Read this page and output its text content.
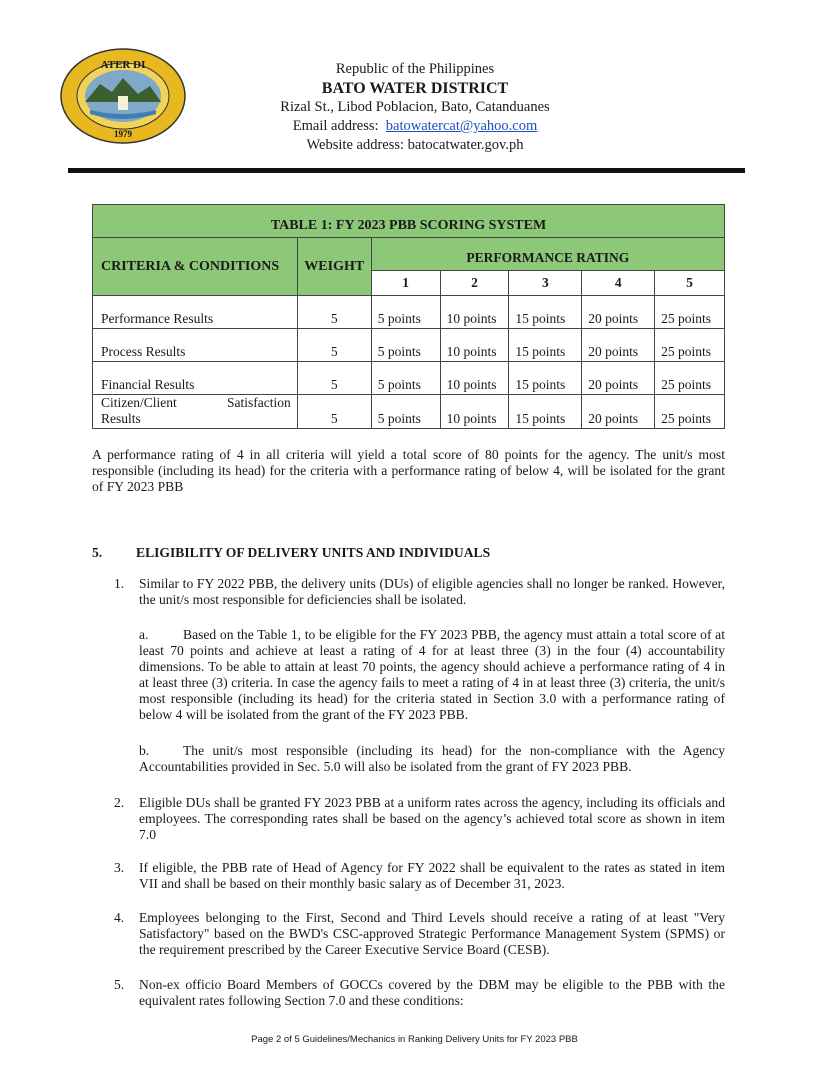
ATER DI
1979
Republic of the Philippines
BATO WATER DISTRICT
Rizal St., Libod Poblacion, Bato, Catanduanes
Email address: batowatercat@yahoo.com
Website address: batocatwater.gov.ph
TABLE 1: FY 2023 PBB SCORING SYSTEM						
CRITERIA & CONDITIONS	WEIGHT	PERFORMANCE RATING				
		1	2	3	4	5
Performance Results	5	5 points	10 points	15 points	20 points	25 points
Process Results	5	5 points	10 points	15 points	20 points	25 points
Financial Results	5	5 points	10 points	15 points	20 points	25 points

Citizen/Client Satisfaction
Results	5	5 points	10 points	15 points	20 points	25 points
A performance rating of 4 in all criteria will yield a total score of 80 points for the agency. The unit/s most responsible (including its head) for the criteria with a performance rating of below 4, will be isolated for the grant of FY 2023 PBB
5. ELIGIBILITY OF DELIVERY UNITS AND INDIVIDUALS
1. Similar to FY 2022 PBB, the delivery units (DUs) of eligible agencies shall no longer be ranked. However, the unit/s most responsible for deficiencies shall be isolated.
a.	Based on the Table 1, to be eligible for the FY 2023 PBB, the agency must attain a total score of at least 70 points and achieve at least a rating of 4 for at least three (3) in the four (4) accountability dimensions. To be able to attain at least 70 points, the agency should achieve a performance rating of 4 in at least three (3) criteria. In case the agency fails to meet a rating of 4 in at least three (3) criteria, the unit/s most responsible (including its head) for the criteria stated in Section 3.0 with a performance rating of below 4 will be isolated from the grant of the FY 2023 PBB.
b. The unit/s most responsible (including its head) for the non-compliance with the Agency Accountabilities provided in Sec. 5.0 will also be isolated from the grant of FY 2023 PBB.
2. Eligible DUs shall be granted FY 2023 PBB at a uniform rates across the agency, including its officials and employees. The corresponding rates shall be based on the agency’s achieved total score as shown in item 7.0
3. If eligible, the PBB rate of Head of Agency for FY 2022 shall be equivalent to the rates as stated in item VII and shall be based on their monthly basic salary as of December 31, 2023.
4. Employees belonging to the First, Second and Third Levels should receive a rating of at least "Very Satisfactory" based on the BWD's CSC-approved Strategic Performance Management System (SPMS) or the requirement prescribed by the Career Executive Service Board (CESB).
5. Non-ex officio Board Members of GOCCs covered by the DBM may be eligible to the PBB with the equivalent rates following Section 7.0 and these conditions:
Page 2 of 5 Guidelines/Mechanics in Ranking Delivery Units for FY 2023 PBB
